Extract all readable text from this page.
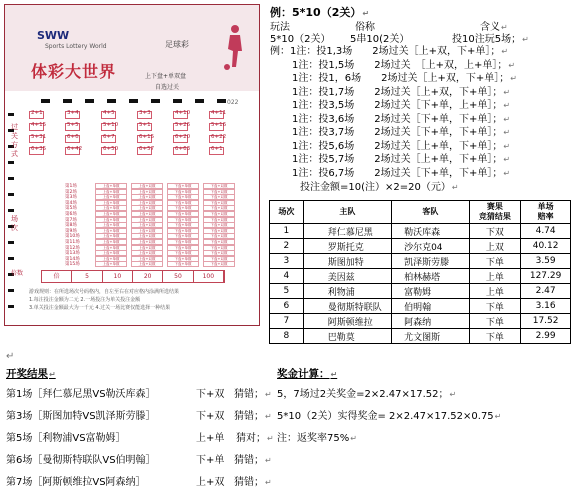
SWW
Sports Lottery World
体彩大世界
足球彩
上下盘+单双盘
自选过关
022
过关方式
2+1	3+4	4+5	3+3	4+10	4+11
4+15	5+5	5+10	5+1	5+26	5+16
5+31	6+6	6+7	6+15	6+20	6+22
6+35	6+42	6+50	6+57	6+63	6+1
场次
第1场	上盘+单数	上盘+双数	下盘+单数	下盘+双数
第2场	上盘+单数	上盘+双数	下盘+单数	下盘+双数
第3场	上盘+单数	上盘+双数	下盘+单数	下盘+双数
第4场	上盘+单数	上盘+双数	下盘+单数	下盘+双数
第5场	上盘+单数	上盘+双数	下盘+单数	下盘+双数
第6场	上盘+单数	上盘+双数	下盘+单数	下盘+双数
第7场	上盘+单数	上盘+双数	下盘+单数	下盘+双数
第8场	上盘+单数	上盘+双数	下盘+单数	下盘+双数
第9场	上盘+单数	上盘+双数	下盘+单数	下盘+双数
第10场	上盘+单数	上盘+双数	下盘+单数	下盘+双数
第11场	上盘+单数	上盘+双数	下盘+单数	下盘+双数
第12场	上盘+单数	上盘+双数	下盘+单数	下盘+双数
第13场	上盘+单数	上盘+双数	下盘+单数	下盘+双数
第14场	上盘+单数	上盘+双数	下盘+单数	下盘+双数
第15场	上盘+单数	上盘+双数	下盘+单数	下盘+双数
倍数	倍	5	10	20	50	100
游戏规则：在所选场次号码格内，自左至右在对应格内涂满所选结果
1.每注投注金额为二元 2.一场投注为单关投注金额
3.单关投注金额最大为一千元 4.过关一场比赛仅能选择一种结果
例：5*10（2关）↵
玩法	俗称	含义↵
5*10（2关） 5串10(2关）	投10注玩5场；↵
例：1注：投1,3场　　2场过关［上+双，下+单］；↵
1注：投1,5场　　2场过关　［上+双，上+单］；↵
1注：投1，6场　　2场过关［上+双，下+单］；↵
1注：投1,7场　　2场过关［上+双，下+单］；↵
1注：投3,5场　　2场过关［下+单，上+单］；↵
1注：投3,6场　　2场过关［下+单，下+单］；↵
1注：投3,7场　　2场过关［下+单，下+单］；↵
1注：投5,6场　　2场过关［上+单，下+单］；↵
1注：投5,7场　　2场过关［上+单，下+单］；↵
1注：投6,7场　　2场过关［下+单，下+单］；↵
投注金额=10(注）×2=20（元）↵
场次	主队	客队	赛果
竞猜结果	单场
赔率
1	拜仁慕尼黑	勒沃库森	下双	4.74
2	罗斯托克	沙尔克04	上双	40.12
3	斯图加特	凯泽斯劳滕	下单	3.59
4	美因兹	柏林赫塔	上单	127.29
5	利物浦	富勒姆	上单	2.47
6	曼彻斯特联队	伯明翰	下单	3.16
7	阿斯顿维拉	阿森纳	下单	17.52
8	巴勒莫	尤文图斯	下单	2.99
↵
开奖结果↵
第1场［拜仁慕尼黑VS勒沃库森］	下+双 猜错；↵
第3场［斯图加特VS凯泽斯劳滕］	下+双 猜错；↵
第5场［利物浦VS富勒姆］	上+单 猜对；↵
第6场［曼彻斯特联队VS伯明翰］	下+单 猜错；↵
第7场［阿斯顿维拉VS阿森纳］	上+双 猜错；↵
奖金计算：↵
5，7场过2关奖金=2×2.47×17.52；↵
5*10（2关）实得奖金= 2×2.47×17.52×0.75↵
注：返奖率75%↵
